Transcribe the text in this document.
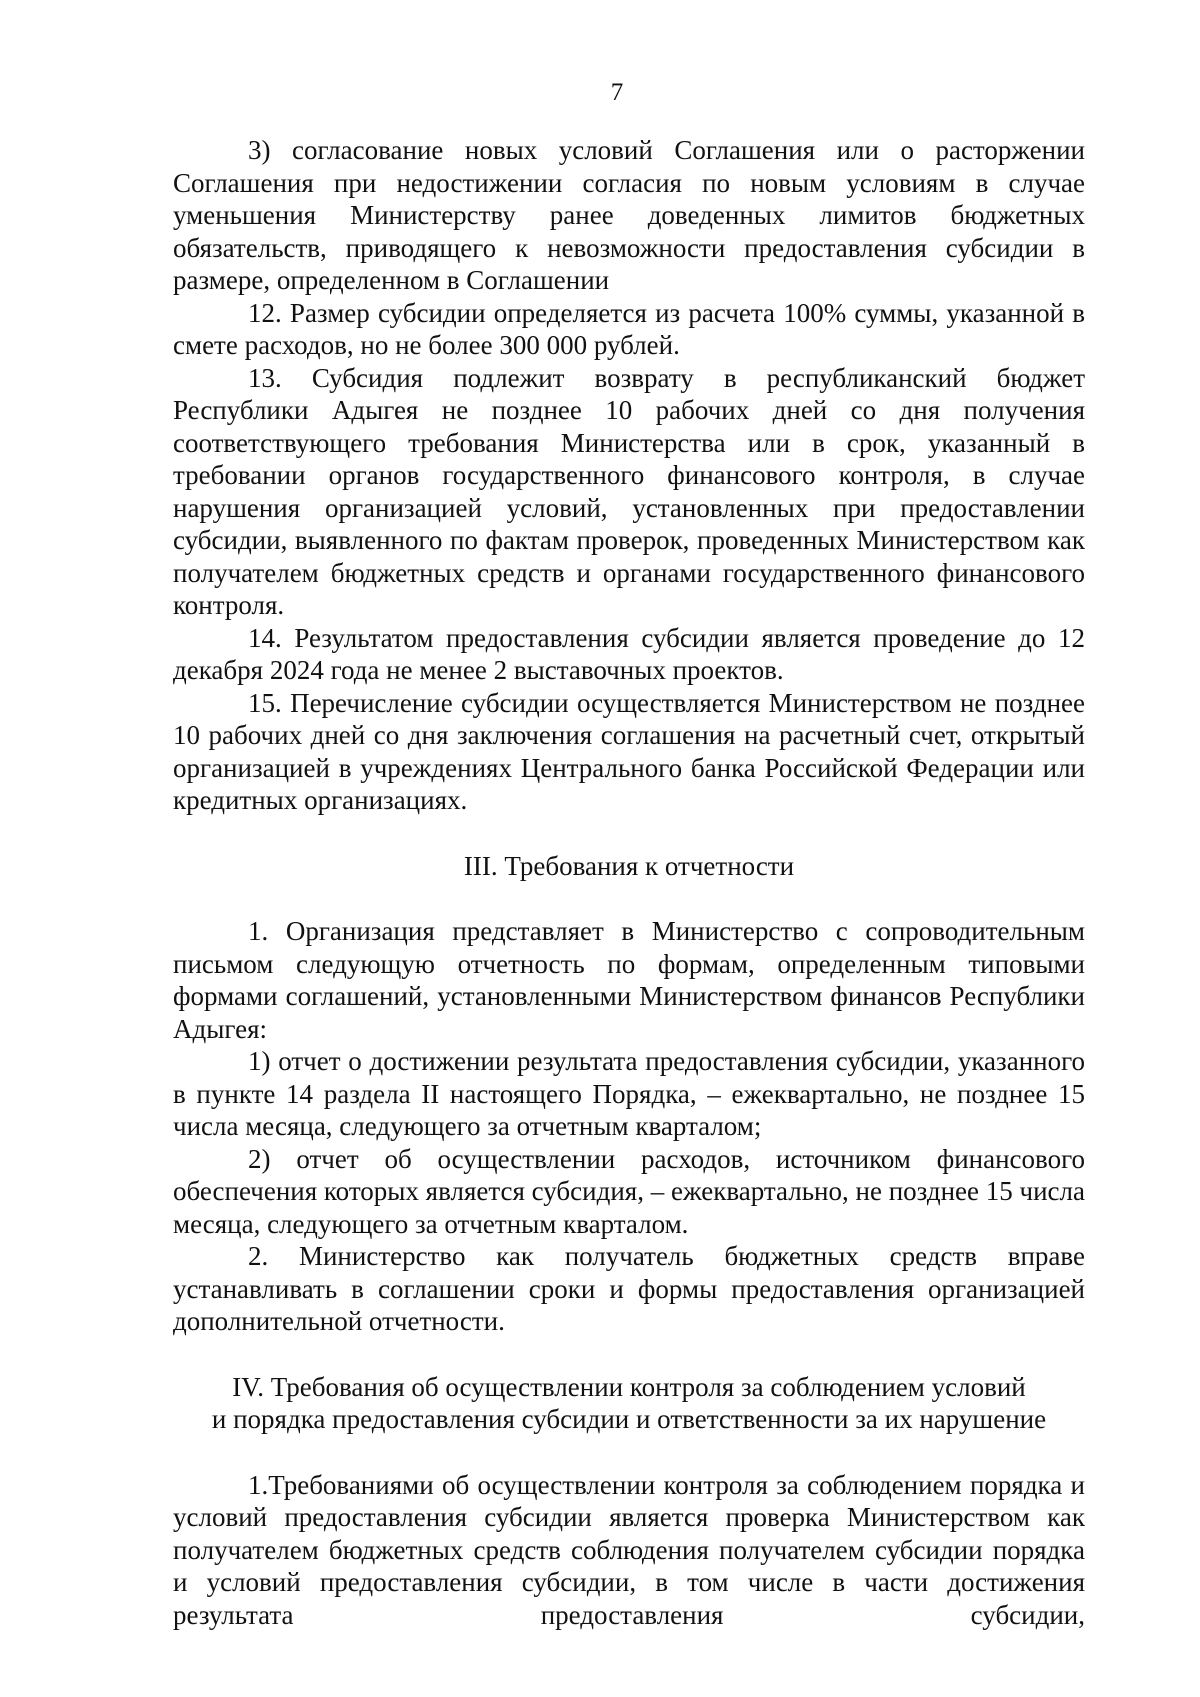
7

3) согласование новых условий Соглашения или о расторжении Соглашения при недостижении согласия по новым условиям в случае уменьшения Министерству ранее доведенных лимитов бюджетных обязательств, приводящего к невозможности предоставления субсидии в размере, определенном в Соглашении

12. Размер субсидии определяется из расчета 100% суммы, указанной в смете расходов, но не более 300 000 рублей.

13. Субсидия подлежит возврату в республиканский бюджет Республики Адыгея не позднее 10 рабочих дней со дня получения соответствующего требования Министерства или в срок, указанный в требовании органов государственного финансового контроля, в случае нарушения организацией условий, установленных при предоставлении субсидии, выявленного по фактам проверок, проведенных Министерством как получателем бюджетных средств и органами государственного финансового контроля.

14. Результатом предоставления субсидии является проведение до 12 декабря 2024 года не менее 2 выставочных проектов.

15. Перечисление субсидии осуществляется Министерством не позднее 10 рабочих дней со дня заключения соглашения на расчетный счет, открытый организацией в учреждениях Центрального банка Российской Федерации или кредитных организациях.

III. Требования к отчетности

1. Организация представляет в Министерство с сопроводительным письмом следующую отчетность по формам, определенным типовыми формами соглашений, установленными Министерством финансов Республики Адыгея:

1) отчет о достижении результата предоставления субсидии, указанного в пункте 14 раздела II настоящего Порядка, – ежеквартально, не позднее 15 числа месяца, следующего за отчетным кварталом;

2) отчет об осуществлении расходов, источником финансового обеспечения которых является субсидия, – ежеквартально, не позднее 15 числа месяца, следующего за отчетным кварталом.

2. Министерство как получатель бюджетных средств вправе устанавливать в соглашении сроки и формы предоставления организацией дополнительной отчетности.

IV. Требования об осуществлении контроля за соблюдением условий
и порядка предоставления субсидии и ответственности за их нарушение

1.Требованиями об осуществлении контроля за соблюдением порядка и условий предоставления субсидии является проверка Министерством как получателем бюджетных средств соблюдения получателем субсидии порядка и условий предоставления субсидии, в том числе в части достижения результата предоставления субсидии,
